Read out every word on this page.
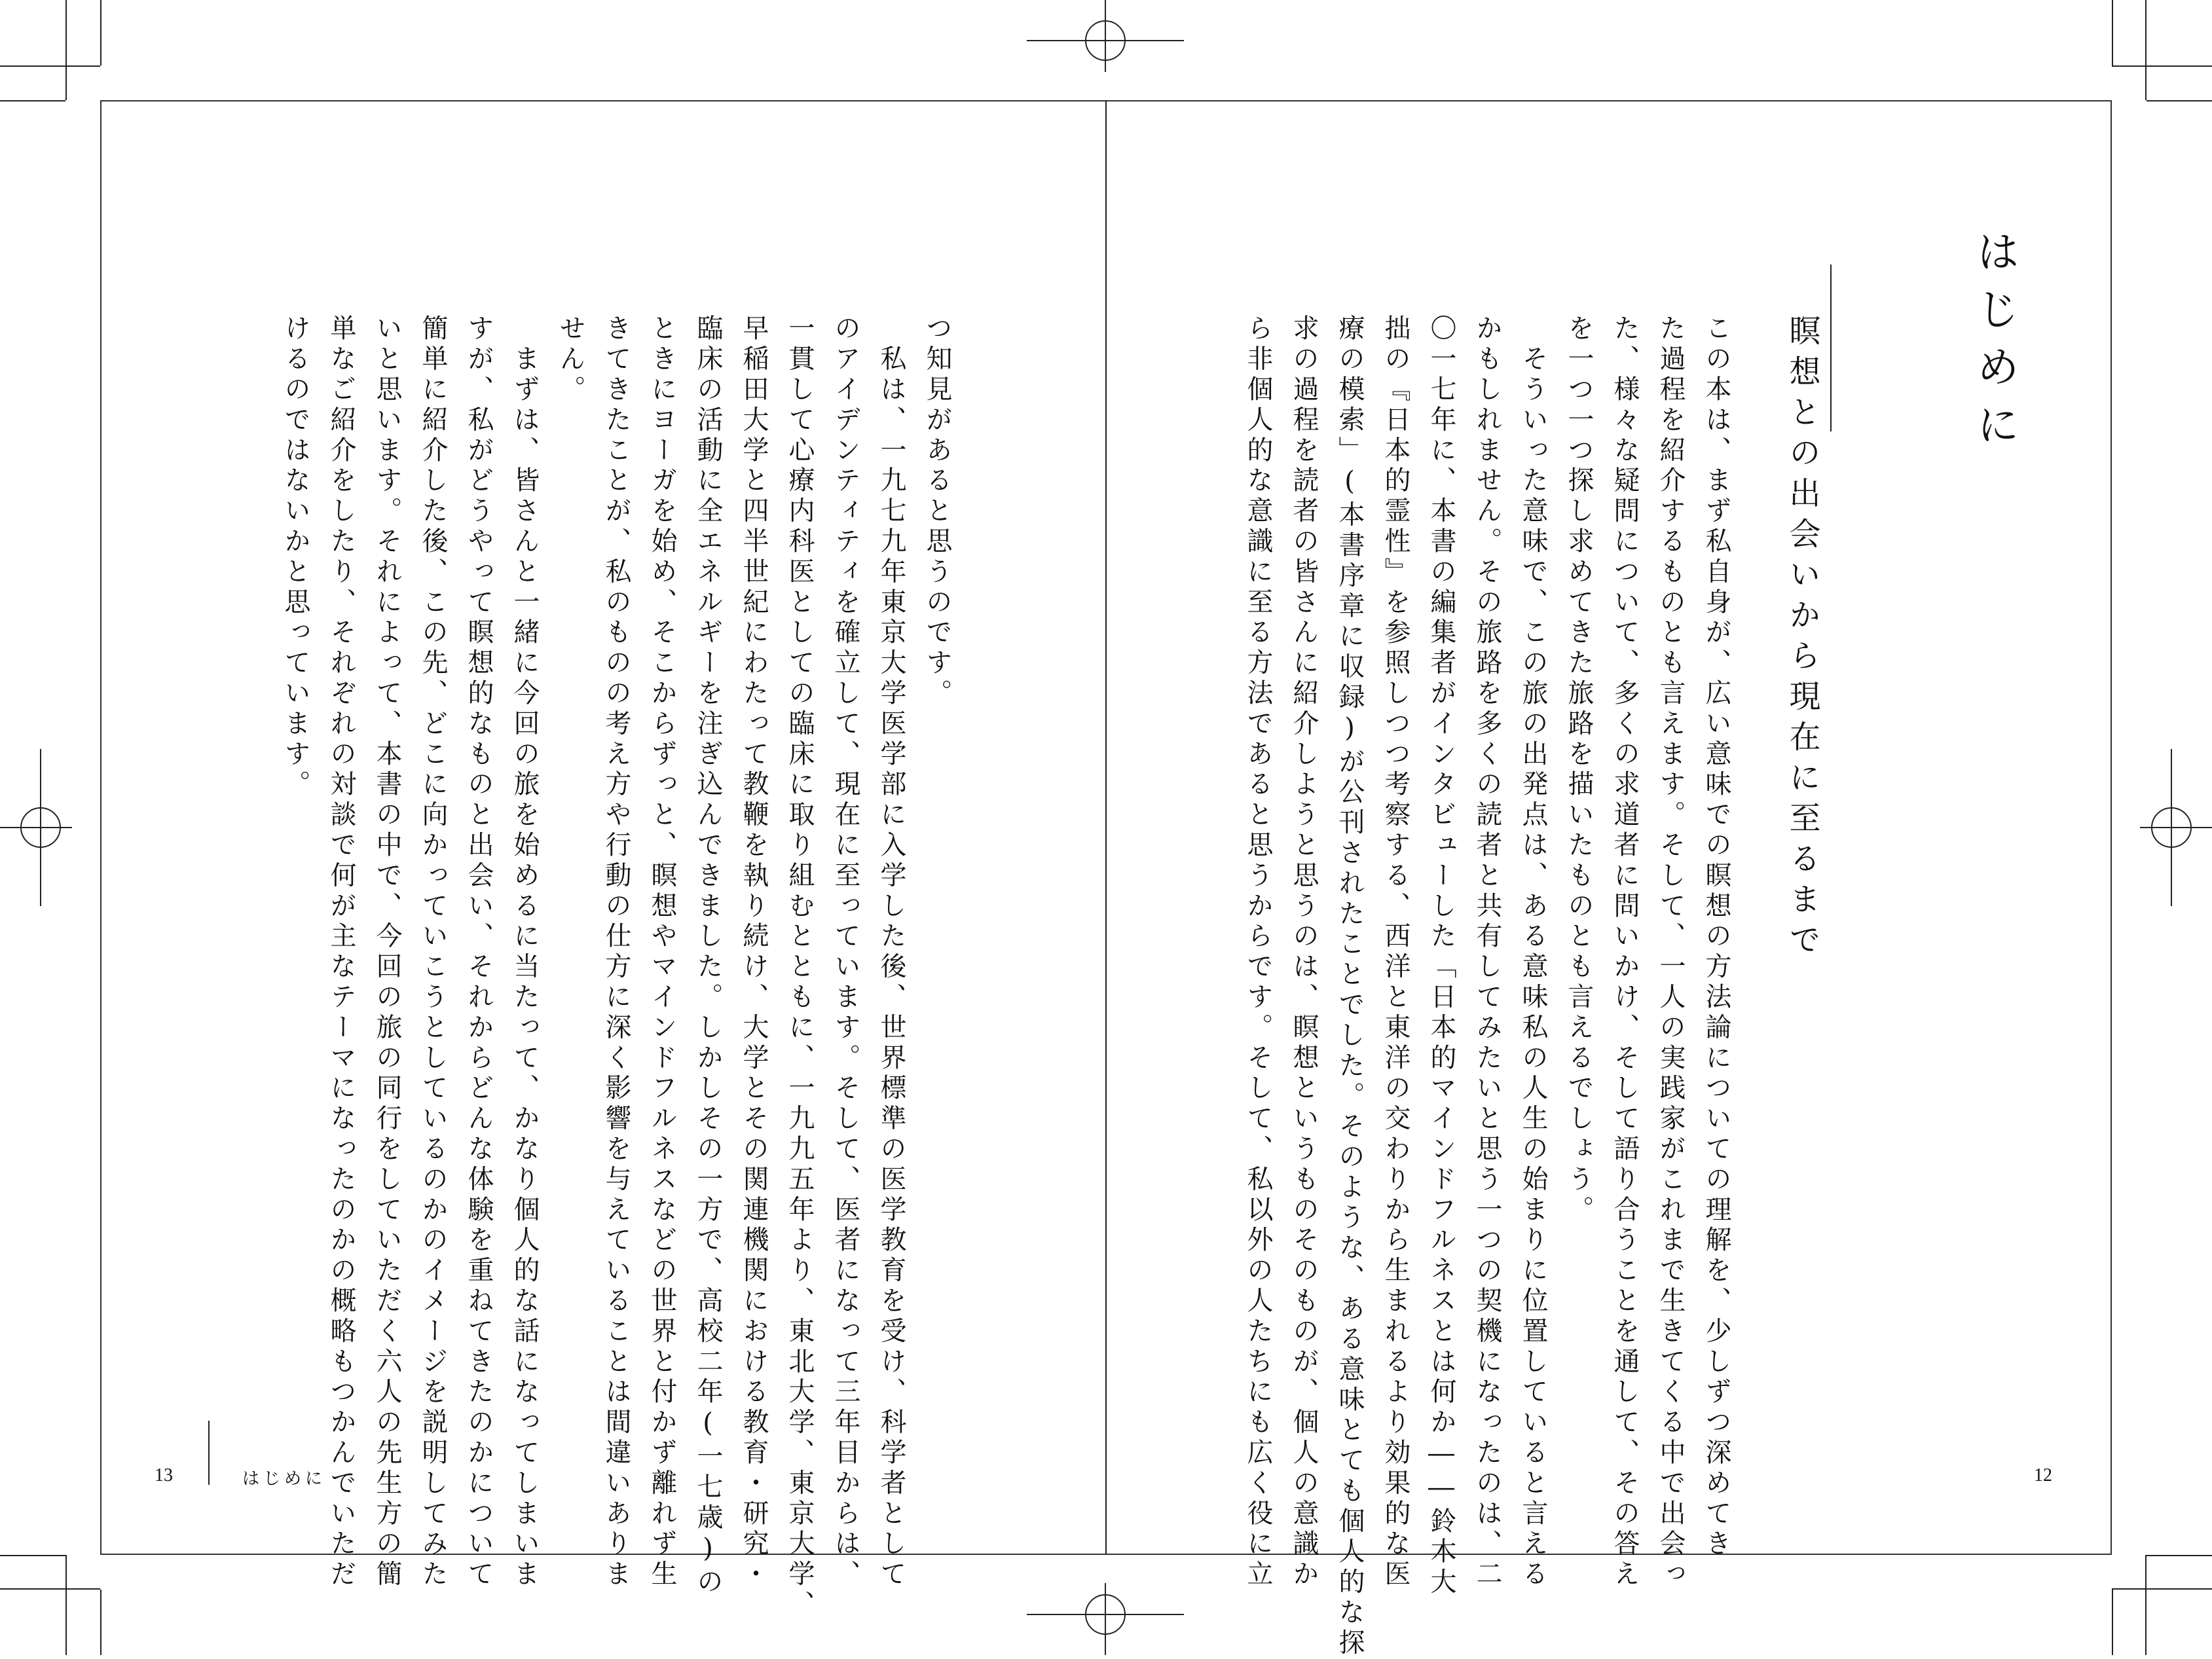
はじめに
瞑想との出会いから現在に至るまで
この本は、まず私自身が、広い意味での瞑想の方法論についての理解を、少しずつ深めてき
た過程を紹介するものとも言えます。そして、一人の実践家がこれまで生きてくる中で出会っ
た、様々な疑問について、多くの求道者に問いかけ、そして語り合うことを通して、その答え
を一つ一つ探し求めてきた旅路を描いたものとも言えるでしょう。
　そういった意味で、この旅の出発点は、ある意味私の人生の始まりに位置していると言える
かもしれません。その旅路を多くの読者と共有してみたいと思う一つの契機になったのは、二
〇一七年に、本書の編集者がインタビューした「日本的マインドフルネスとは何か――鈴木大
拙の『日本的霊性』を参照しつつ考察する、西洋と東洋の交わりから生まれるより効果的な医
療の模索」(本書序章に収録)が公刊されたことでした。そのような、ある意味とても個人的な探
求の過程を読者の皆さんに紹介しようと思うのは、瞑想というものそのものが、個人の意識か
ら非個人的な意識に至る方法であると思うからです。そして、私以外の人たちにも広く役に立	12
つ知見があると思うのです。
　私は、一九七九年東京大学医学部に入学した後、世界標準の医学教育を受け、科学者として
のアイデンティティを確立して、現在に至っています。そして、医者になって三年目からは、
一貫して心療内科医としての臨床に取り組むとともに、一九九五年より、東北大学、東京大学、
早稲田大学と四半世紀にわたって教鞭を執り続け、大学とその関連機関における教育・研究・
臨床の活動に全エネルギーを注ぎ込んできました。しかしその一方で、高校二年(一七歳)の
ときにヨーガを始め、そこからずっと、瞑想やマインドフルネスなどの世界と付かず離れず生
きてきたことが、私のものの考え方や行動の仕方に深く影響を与えていることは間違いありま
せん。
　まずは、皆さんと一緒に今回の旅を始めるに当たって、かなり個人的な話になってしまいま
すが、私がどうやって瞑想的なものと出会い、それからどんな体験を重ねてきたのかについて
簡単に紹介した後、この先、どこに向かっていこうとしているのかのイメージを説明してみた
いと思います。それによって、本書の中で、今回の旅の同行をしていただく六人の先生方の簡
単なご紹介をしたり、それぞれの対談で何が主なテーマになったのかの概略もつかんでいただ
けるのではないかと思っています。
13	はじめに
